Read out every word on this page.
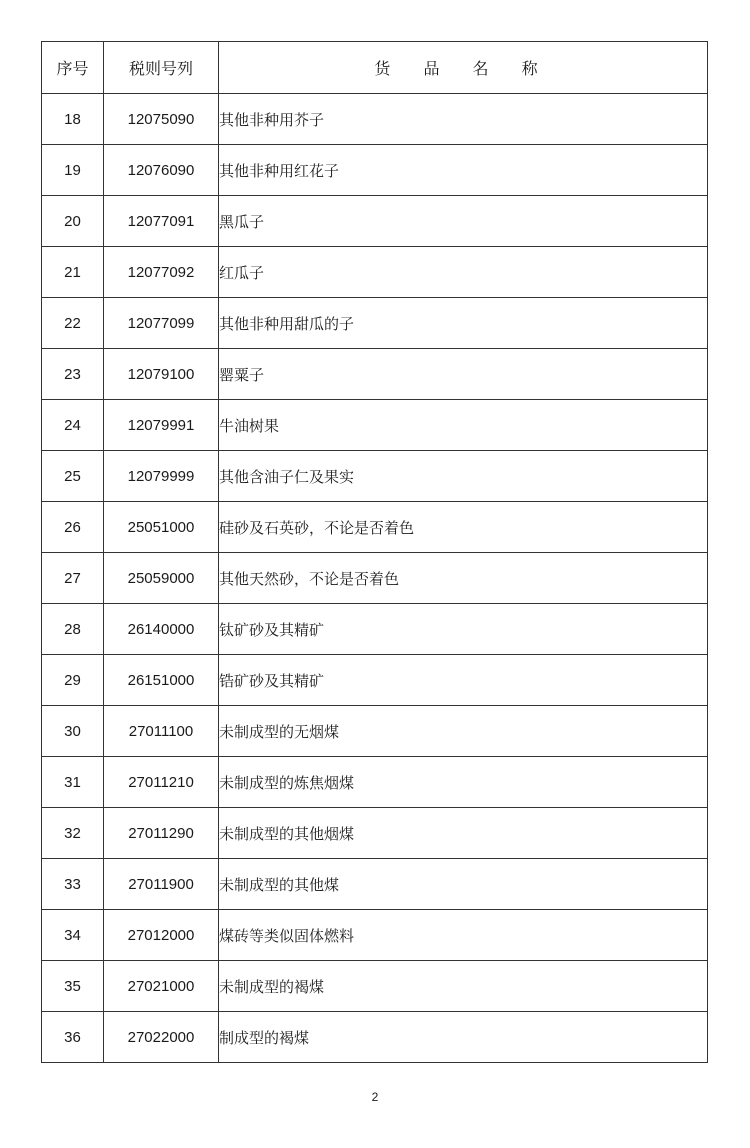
序号	税则号列	货 品 名 称
18	12075090	其他非种用芥子
19	12076090	其他非种用红花子
20	12077091	黑瓜子
21	12077092	红瓜子
22	12077099	其他非种用甜瓜的子
23	12079100	罂粟子
24	12079991	牛油树果
25	12079999	其他含油子仁及果实
26	25051000	硅砂及石英砂，不论是否着色
27	25059000	其他天然砂，不论是否着色
28	26140000	钛矿砂及其精矿
29	26151000	锆矿砂及其精矿
30	27011100	未制成型的无烟煤
31	27011210	未制成型的炼焦烟煤
32	27011290	未制成型的其他烟煤
33	27011900	未制成型的其他煤
34	27012000	煤砖等类似固体燃料
35	27021000	未制成型的褐煤
36	27022000	制成型的褐煤
2
